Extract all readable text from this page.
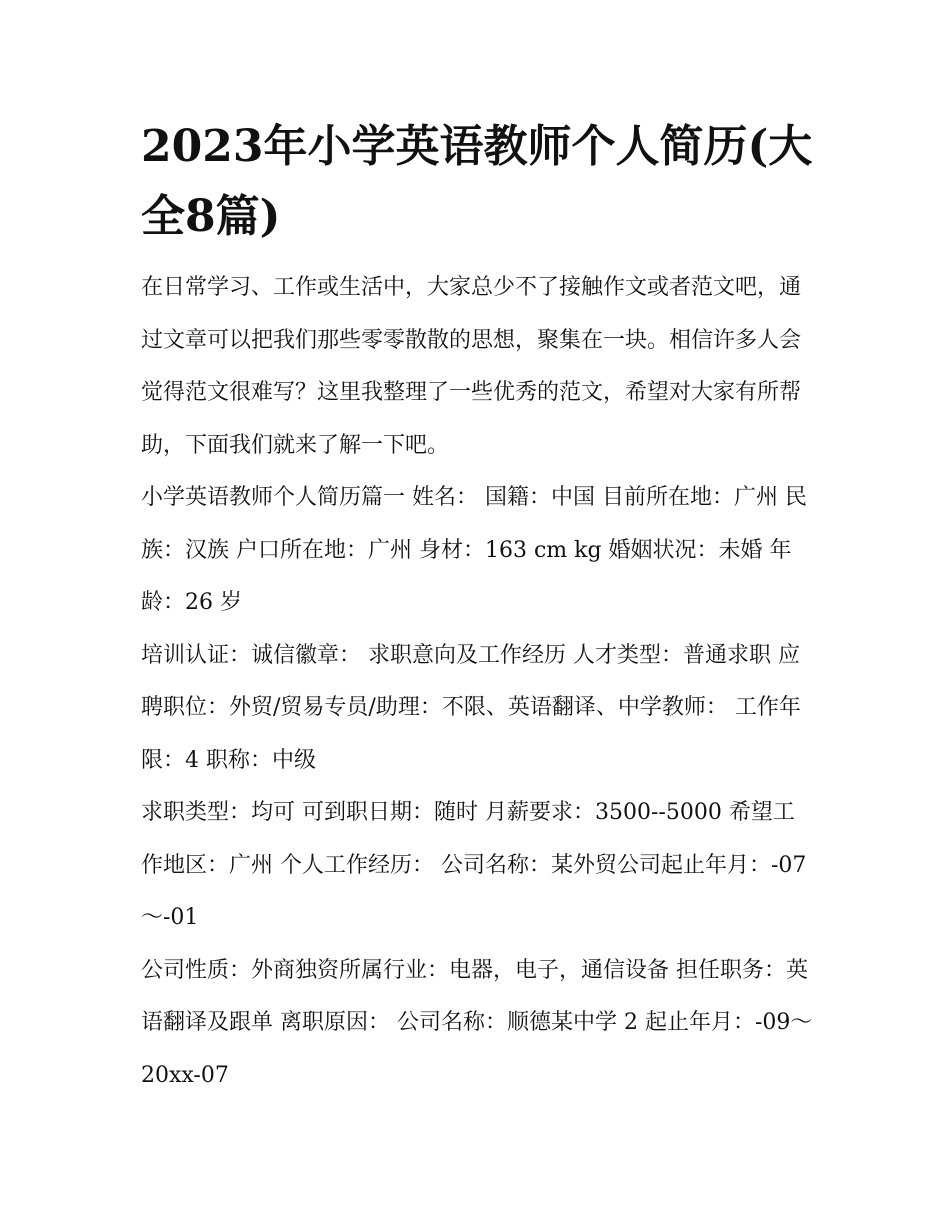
2023年小学英语教师个人简历(大全8篇)

在日常学习、工作或生活中，大家总少不了接触作文或者范文吧，通过文章可以把我们那些零零散散的思想，聚集在一块。相信许多人会觉得范文很难写？这里我整理了一些优秀的范文，希望对大家有所帮助，下面我们就来了解一下吧。

小学英语教师个人简历篇一 姓名： 国籍：中国 目前所在地：广州 民族：汉族 户口所在地：广州 身材：163 cm kg 婚姻状况：未婚 年龄：26 岁

培训认证：诚信徽章： 求职意向及工作经历 人才类型：普通求职 应聘职位：外贸/贸易专员/助理：不限、英语翻译、中学教师： 工作年限：4 职称：中级

求职类型：均可 可到职日期：随时 月薪要求：3500--5000 希望工作地区：广州 个人工作经历： 公司名称：某外贸公司起止年月：-07～-01

公司性质：外商独资所属行业：电器，电子，通信设备 担任职务：英语翻译及跟单 离职原因： 公司名称：顺德某中学 2 起止年月：-09～20xx-07
